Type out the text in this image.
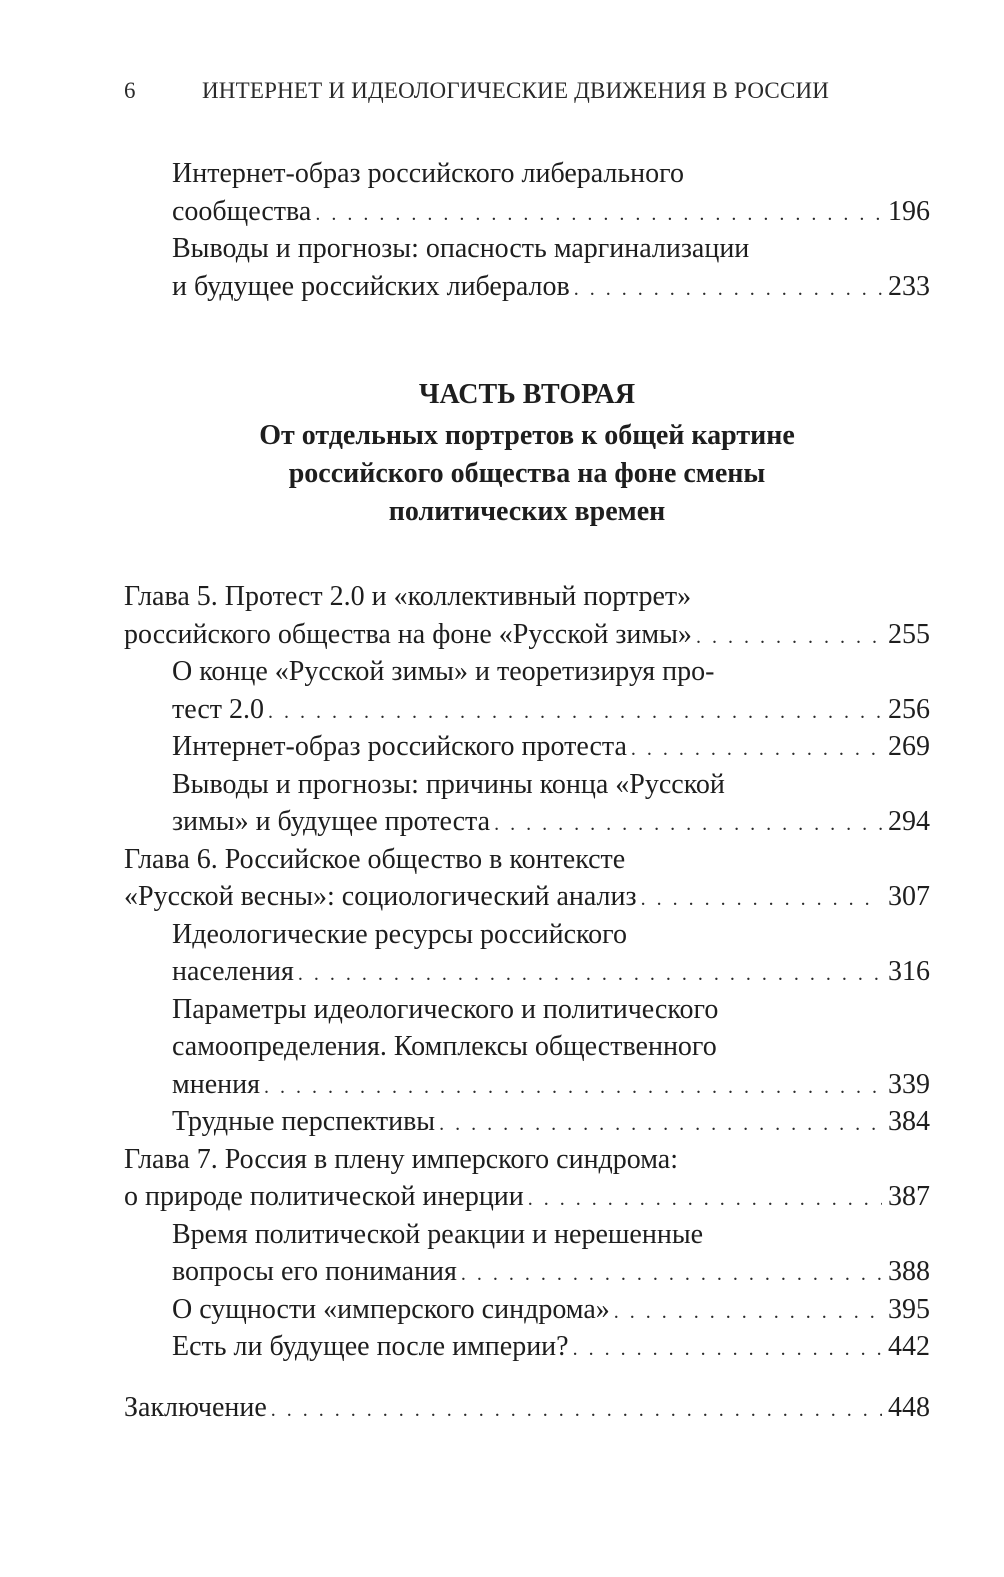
6	ИНТЕРНЕТ И ИДЕОЛОГИЧЕСКИЕ ДВИЖЕНИЯ В РОССИИ
ЧАСТЬ ВТОРАЯ
От отдельных портретов к общей картине
российского общества на фоне смены
политических времен
Интернет-образ российского либерального
сообщества . . .	196
Выводы и прогнозы: опасность маргинализации
и будущее российских либералов . . .	233
Глава 5. Протест 2.0 и «коллективный портрет»
российского общества на фоне «Русской зимы» . . .	255
О конце «Русской зимы» и теоретизируя про-
тест 2.0 . . .	256
Интернет-образ российского протеста . . .	269
Выводы и прогнозы: причины конца «Русской
зимы» и будущее протеста . . .	294
Глава 6. Российское общество в контексте
«Русской весны»: социологический анализ . . .	307
Идеологические ресурсы российского
населения . . .	316
Параметры идеологического и политического
самоопределения. Комплексы общественного
мнения . . .	339
Трудные перспективы . . .	384
Глава 7. Россия в плену имперского синдрома:
о природе политической инерции . . .	387
Время политической реакции и нерешенные
вопросы его понимания . . .	388
О сущности «имперского синдрома» . . .	395
Есть ли будущее после империи? . . .	442
Заключение . . .	448
